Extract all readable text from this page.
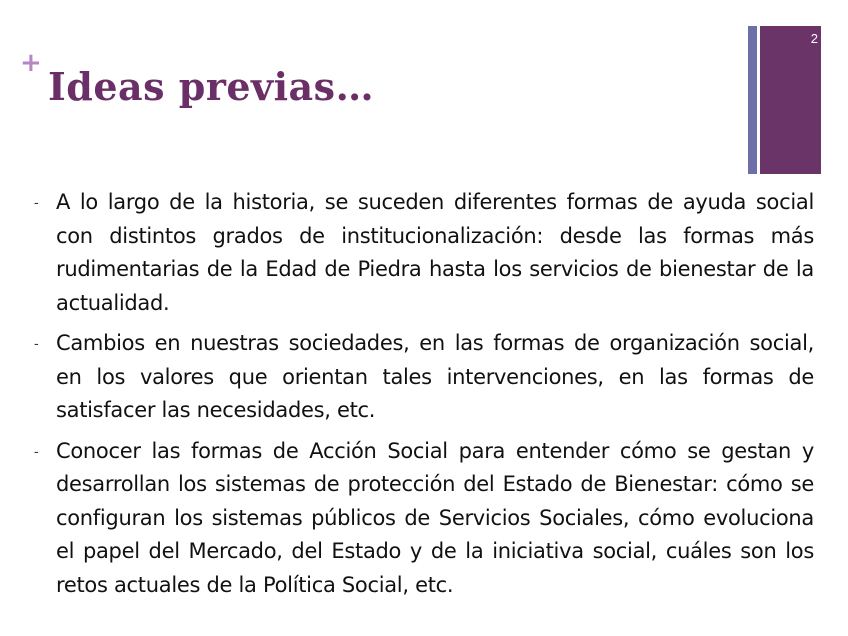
+
Ideas previas…
2
- A lo largo de la historia, se suceden diferentes formas de ayuda social con distintos grados de institucionalización: desde las formas más rudimentarias de la Edad de Piedra hasta los servicios de bienestar de la actualidad.
- Cambios en nuestras sociedades, en las formas de organización social, en los valores que orientan tales intervenciones, en las formas de satisfacer las necesidades, etc.
- Conocer las formas de Acción Social para entender cómo se gestan y desarrollan los sistemas de protección del Estado de Bienestar: cómo se configuran los sistemas públicos de Servicios Sociales, cómo evoluciona el papel del Mercado, del Estado y de la iniciativa social, cuáles son los retos actuales de la Política Social, etc.
